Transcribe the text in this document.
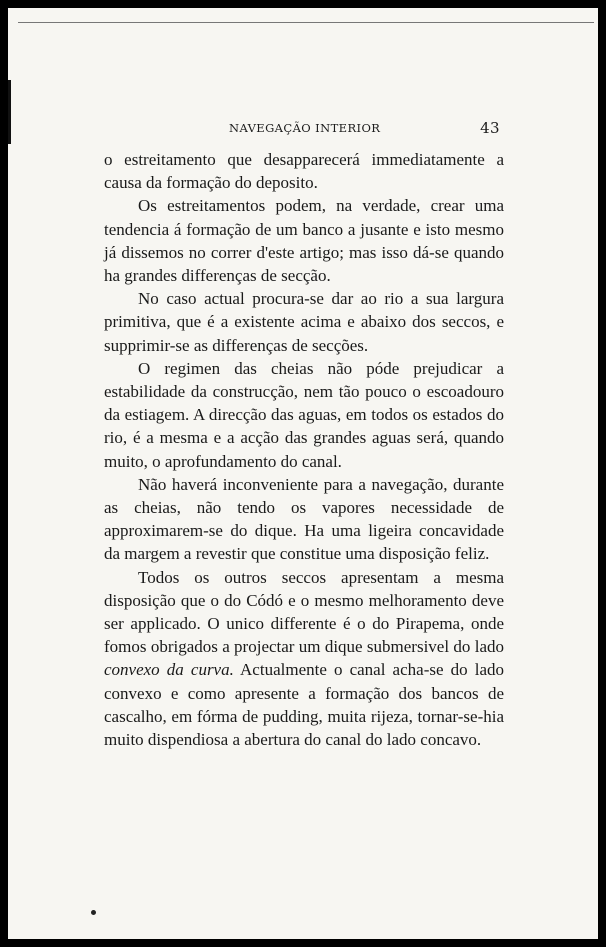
NAVEGAÇÃO INTERIOR	43

o estreitamento que desapparecerá immediatamente a causa da formação do deposito.

Os estreitamentos podem, na verdade, crear uma tendencia á formação de um banco a jusante e isto mesmo já dissemos no correr d'este artigo; mas isso dá-se quando ha grandes differenças de secção.

No caso actual procura-se dar ao rio a sua largura primitiva, que é a existente acima e abaixo dos seccos, e supprimir-se as differenças de secções.

O regimen das cheias não póde prejudicar a estabilidade da construcção, nem tão pouco o escoadouro da estiagem. A direcção das aguas, em todos os estados do rio, é a mesma e a acção das grandes aguas será, quando muito, o aprofundamento do canal.

Não haverá inconveniente para a navegação, durante as cheias, não tendo os vapores necessidade de approximarem-se do dique. Ha uma ligeira concavidade da margem a revestir que constitue uma disposição feliz.

Todos os outros seccos apresentam a mesma disposição que o do Códó e o mesmo melhoramento deve ser applicado. O unico differente é o do Pirapema, onde fomos obrigados a projectar um dique submersivel do lado convexo da curva. Actualmente o canal acha-se do lado convexo e como apresente a formação dos bancos de cascalho, em fórma de pudding, muita rijeza, tornar-se-hia muito dispendiosa a abertura do canal do lado concavo.
